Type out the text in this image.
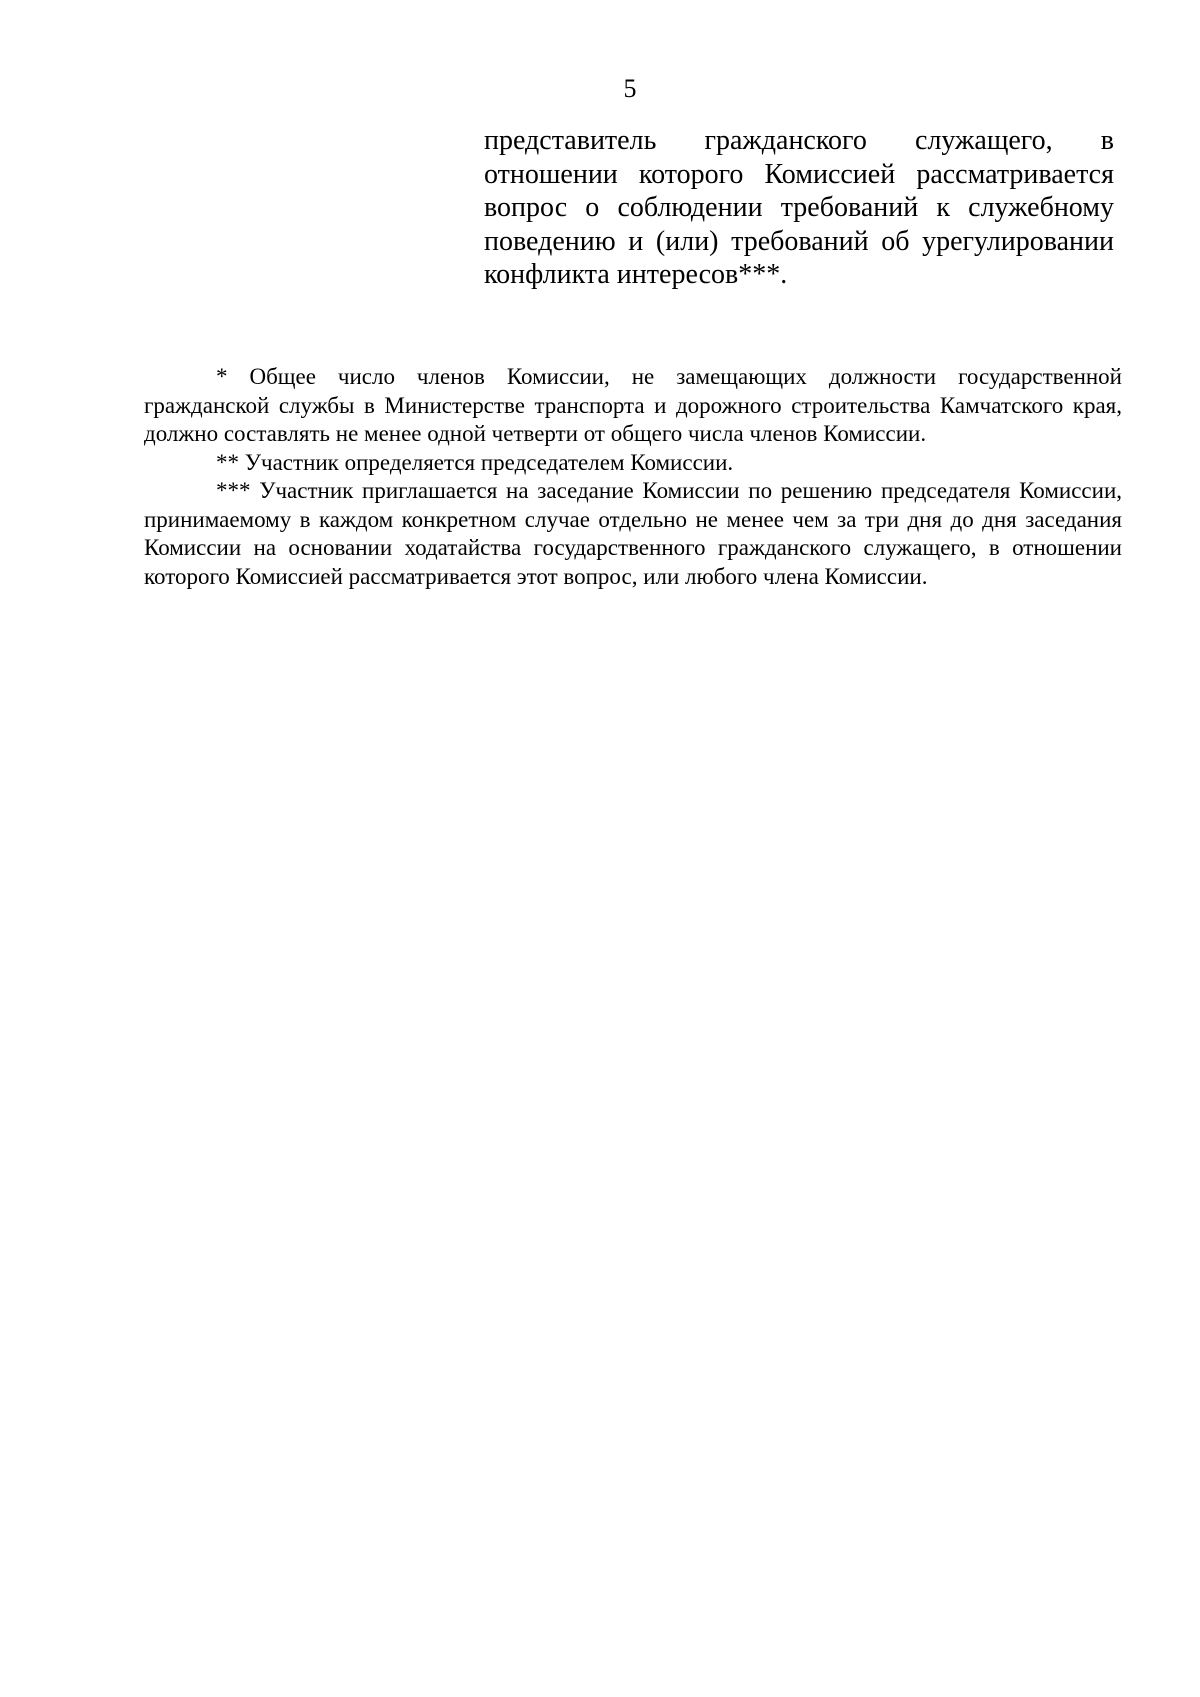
5

представитель гражданского служащего, в отношении которого Комиссией рассматривается вопрос о соблюдении требований к служебному поведению и (или) требований об урегулировании конфликта интересов***.

* Общее число членов Комиссии, не замещающих должности государственной гражданской службы в Министерстве транспорта и дорожного строительства Камчатского края, должно составлять не менее одной четверти от общего числа членов Комиссии.

** Участник определяется председателем Комиссии.

*** Участник приглашается на заседание Комиссии по решению председателя Комиссии, принимаемому в каждом конкретном случае отдельно не менее чем за три дня до дня заседания Комиссии на основании ходатайства государственного гражданского служащего, в отношении которого Комиссией рассматривается этот вопрос, или любого члена Комиссии.
